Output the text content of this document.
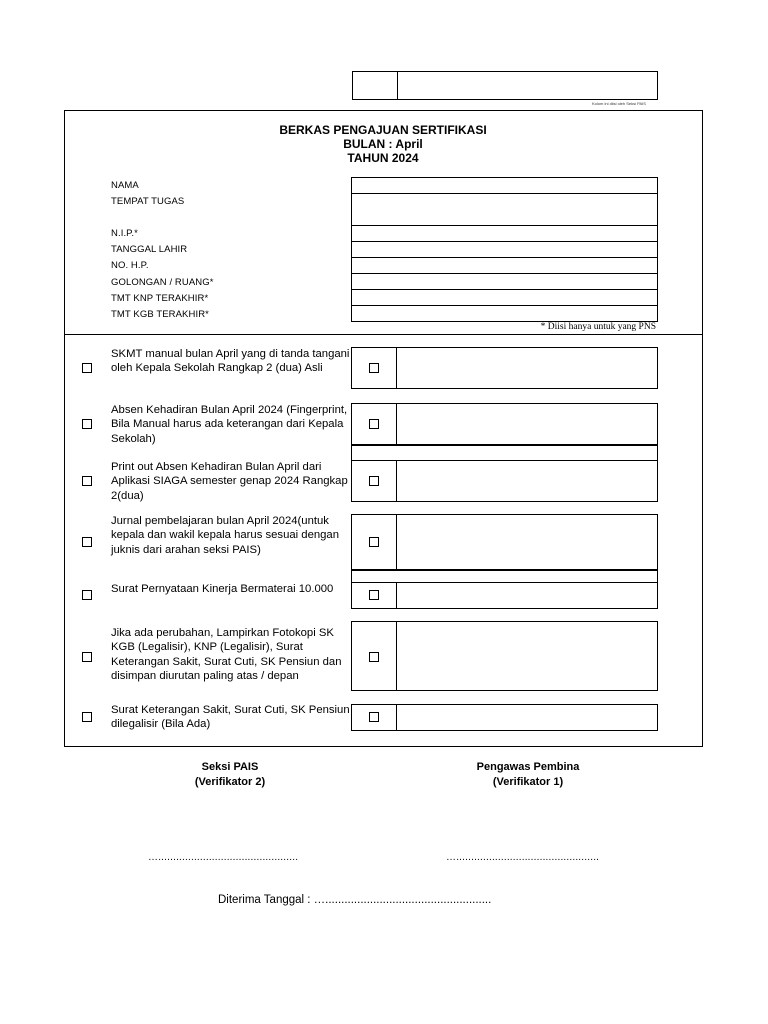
Kolom ini diisi oleh Seksi PAIS
BERKAS PENGAJUAN SERTIFIKASI
BULAN : April
TAHUN 2024
NAMA
TEMPAT TUGAS
N.I.P.*
TANGGAL LAHIR
NO. H.P.
GOLONGAN / RUANG*
TMT KNP TERAKHIR*
TMT KGB TERAKHIR*
* Diisi hanya untuk yang PNS
SKMT manual bulan April yang di tanda tangani oleh Kepala Sekolah Rangkap 2 (dua) Asli
Absen Kehadiran Bulan April 2024 (Fingerprint, Bila Manual harus ada keterangan dari Kepala Sekolah)
Print out Absen Kehadiran Bulan April dari Aplikasi SIAGA semester genap 2024 Rangkap 2(dua)
Jurnal pembelajaran bulan April 2024(untuk kepala dan wakil kepala harus sesuai dengan juknis dari arahan seksi PAIS)
Surat Pernyataan Kinerja Bermaterai 10.000
Jika ada perubahan, Lampirkan Fotokopi SK KGB (Legalisir), KNP (Legalisir), Surat Keterangan Sakit, Surat Cuti, SK Pensiun dan disimpan diurutan paling atas / depan
Surat Keterangan Sakit, Surat Cuti, SK Pensiun dilegalisir (Bila Ada)
Seksi PAIS
(Verifikator 2)
Pengawas Pembina
(Verifikator 1)
…...............................................	…................................................
Diterima Tanggal : …....................................................
